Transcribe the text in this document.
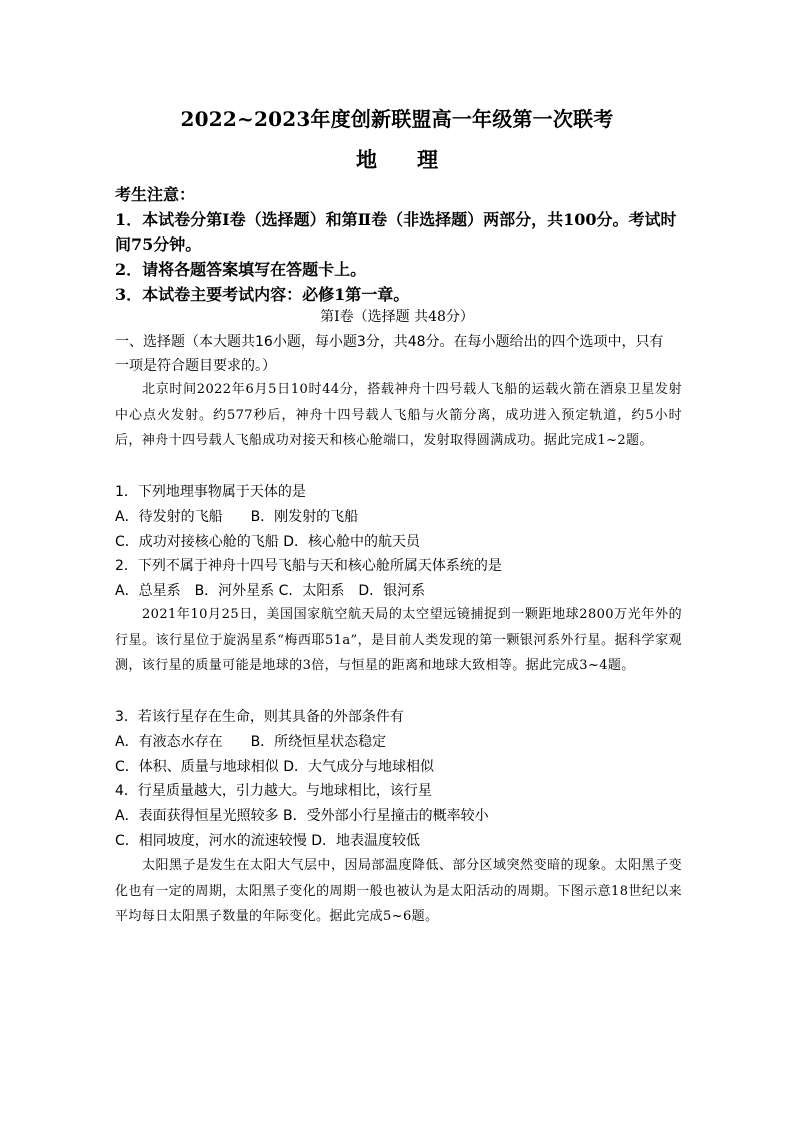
2022~2023年度创新联盟高一年级第一次联考
地 理
考生注意：
1．本试卷分第Ⅰ卷（选择题）和第Ⅱ卷（非选择题）两部分，共100分。考试时
间75分钟。
2．请将各题答案填写在答题卡上。
3．本试卷主要考试内容：必修1第一章。
第Ⅰ卷（选择题 共48分）
一、选择题（本大题共16小题，每小题3分，共48分。在每小题给出的四个选项中，只有
一项是符合题目要求的。）
北京时间2022年6月5日10时44分，搭载神舟十四号载人飞船的运载火箭在酒泉卫星发射中心点火发射。约577秒后，神舟十四号载人飞船与火箭分离，成功进入预定轨道，约5小时后，神舟十四号载人飞船成功对接天和核心舱端口，发射取得圆满成功。据此完成1~2题。
1．下列地理事物属于天体的是
A．待发射的飞船　　B．刚发射的飞船
C．成功对接核心舱的飞船 D．核心舱中的航天员
2．下列不属于神舟十四号飞船与天和核心舱所属天体系统的是
A．总星系　B．河外星系 C．太阳系　D．银河系
2021年10月25日，美国国家航空航天局的太空望远镜捕捉到一颗距地球2800万光年外的行星。该行星位于旋涡星系“梅西耶51a”，是目前人类发现的第一颗银河系外行星。据科学家观测，该行星的质量可能是地球的3倍，与恒星的距离和地球大致相等。据此完成3~4题。
3．若该行星存在生命，则其具备的外部条件有
A．有液态水存在　　B．所绕恒星状态稳定
C．体积、质量与地球相似 D．大气成分与地球相似
4．行星质量越大，引力越大。与地球相比，该行星
A．表面获得恒星光照较多 B．受外部小行星撞击的概率较小
C．相同坡度，河水的流速较慢 D．地表温度较低
太阳黑子是发生在太阳大气层中，因局部温度降低、部分区域突然变暗的现象。太阳黑子变化也有一定的周期，太阳黑子变化的周期一般也被认为是太阳活动的周期。下图示意18世纪以来平均每日太阳黑子数量的年际变化。据此完成5~6题。
